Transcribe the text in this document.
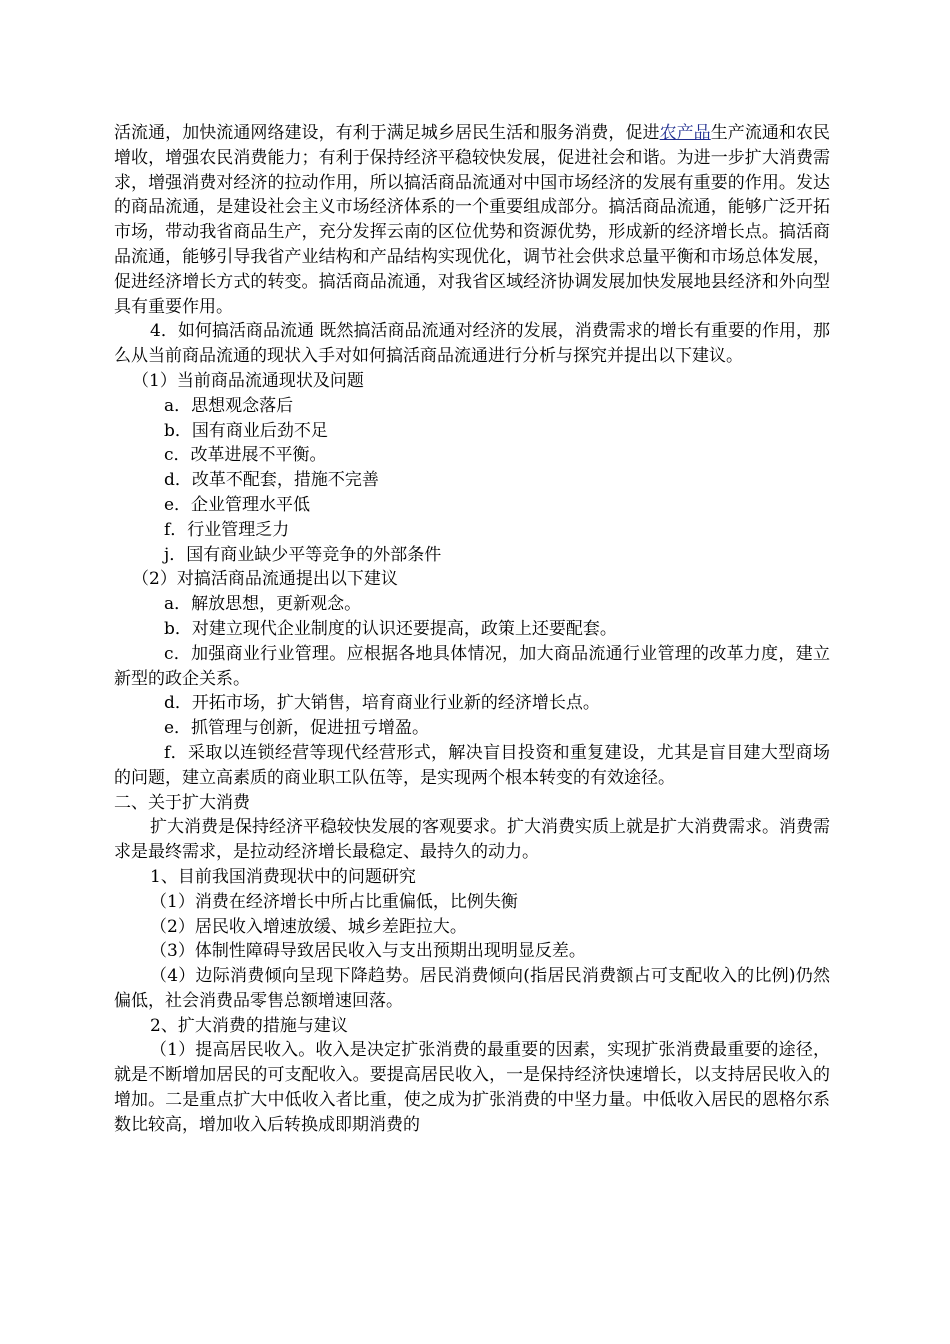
活流通，加快流通网络建设，有利于满足城乡居民生活和服务消费，促进农产品生产流通和农民增收，增强农民消费能力；有利于保持经济平稳较快发展，促进社会和谐。为进一步扩大消费需求，增强消费对经济的拉动作用，所以搞活商品流通对中国市场经济的发展有重要的作用。发达的商品流通，是建设社会主义市场经济体系的一个重要组成部分。搞活商品流通，能够广泛开拓市场，带动我省商品生产，充分发挥云南的区位优势和资源优势，形成新的经济增长点。搞活商品流通，能够引导我省产业结构和产品结构实现优化，调节社会供求总量平衡和市场总体发展，促进经济增长方式的转变。搞活商品流通，对我省区域经济协调发展加快发展地县经济和外向型具有重要作用。

4．如何搞活商品流通 既然搞活商品流通对经济的发展，消费需求的增长有重要的作用，那么从当前商品流通的现状入手对如何搞活商品流通进行分析与探究并提出以下建议。

（1）当前商品流通现状及问题

a．思想观念落后

b．国有商业后劲不足

c．改革进展不平衡。

d．改革不配套，措施不完善

e．企业管理水平低

f．行业管理乏力

j．国有商业缺少平等竞争的外部条件

（2）对搞活商品流通提出以下建议

a．解放思想，更新观念。

b．对建立现代企业制度的认识还要提高，政策上还要配套。

c．加强商业行业管理。应根据各地具体情况，加大商品流通行业管理的改革力度，建立新型的政企关系。

d．开拓市场，扩大销售，培育商业行业新的经济增长点。

e．抓管理与创新，促进扭亏增盈。

f．采取以连锁经营等现代经营形式，解决盲目投资和重复建设，尤其是盲目建大型商场的问题，建立高素质的商业职工队伍等，是实现两个根本转变的有效途径。

二、关于扩大消费

扩大消费是保持经济平稳较快发展的客观要求。扩大消费实质上就是扩大消费需求。消费需求是最终需求，是拉动经济增长最稳定、最持久的动力。

1、目前我国消费现状中的问题研究

（1）消费在经济增长中所占比重偏低，比例失衡

（2）居民收入增速放缓、城乡差距拉大。

（3）体制性障碍导致居民收入与支出预期出现明显反差。

（4）边际消费倾向呈现下降趋势。居民消费倾向(指居民消费额占可支配收入的比例)仍然偏低，社会消费品零售总额增速回落。

2、扩大消费的措施与建议

（1）提高居民收入。收入是决定扩张消费的最重要的因素，实现扩张消费最重要的途径，就是不断增加居民的可支配收入。要提高居民收入，一是保持经济快速增长，以支持居民收入的增加。二是重点扩大中低收入者比重，使之成为扩张消费的中坚力量。中低收入居民的恩格尔系数比较高，增加收入后转换成即期消费的
